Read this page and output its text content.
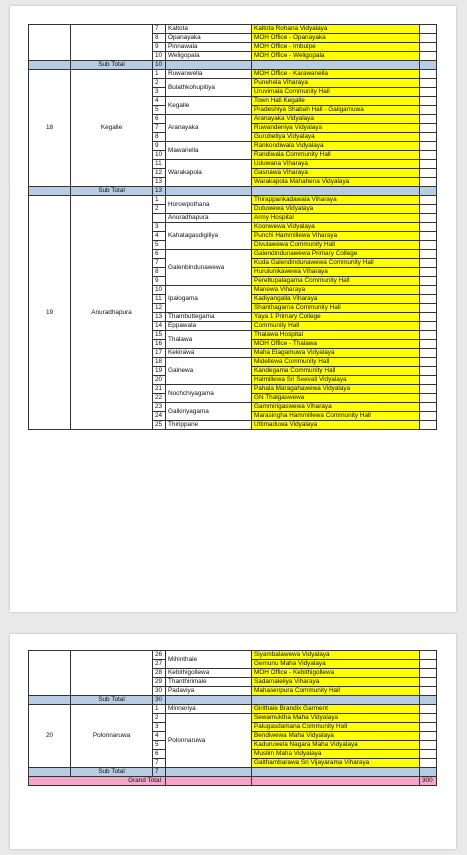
		7	Kaltota	Kaltota Rohana Vidyalaya	
		8	Opanayaka	MOH Office - Opanayaka	
		9	Pinnawala	MOH Office - Imbulpe	
		10	Weligopala	MOH Office - Weligopala	
	Sub Total	10			
18	Kegalle	1	Ruwanwella	MOH Office - Karawanella	
		2	Bulathkohupitiya	Punehela Viharaya	
		3		Uruvimala Community Hall	
		4	Kegalle	Town Hall Kegalle	
		5		Pradeshiya Shabah Hall - Galigamuwa	
		6	Aranayaka	Aranayaka Vidyalaya	
		7		Ruwandeniya Vidyalaya	
		8		Gurubetiya Vidyalaya	
		9	Mawanella	Rankondiwala Vidyalaya	
		10		Randiwala Community Hall	
		11	Warakapola	Uduwana Viharaya	
		12		Gasnawa Viharaya	
		13		Warakapola Mahahena Vidyalaya	
	Sub Total	13			
19	Anuradhapura	1	Horowpothana	Thirappankadawala Viharaya	
		2		Dutuwewa Vidyalaya	
			Anuradhapura	Army Hospital	
		3	Kahatagasdigiliya	Koonwewa Vidyalaya	
		4		Punchi Hammillewa Viharaya	
		5		Divulawewa Community Hall	
		6	Galenbindunawewa	Galendindunawewa Primary College	
		7		Kuda Galendindunawewa Community Hall	
		8		Hurulunikawewa Viharaya	
		9		Perettupalagama Community Hall	
		10	Ipalogama	Manewa Viharaya	
		11		Kadiyangalla Viharaya	
		12		Shanthagama Community Hall	
		13	Thambuttegama	Yaya 1 Primary College	
		14	Eppawala	Community Hall	
		15	Thalawa	Thalawa Hospital	
		16		MOH Office - Thalawa	
		17	Kekirawa	Maha Elagamuwa Vidyalaya	
		18	Galnewa	Midellewa Community Hall	
		19		Kandegama Community Hall	
		20		Halmillewa Sri Seevali Vidyalaya	
		21	Nochchiyagama	Pahala Maragahawewa Vidyalaya	
		22		GN Thalgaswewa	
		23	Galkiriyagama	Gammirigaswewa Viharaya	
		24		Marasingha Hammillewa Community Hall	
		25	Thirippane	Uttimaduwa Vidyalaya	
		26	Mihinthale	Siyambalawewa Vidyalaya	
		27		Gemunu Maha Vidyalaya	
		28	Kebithigollewa	MOH Office - Kebithigollewa	
		29	Thanthirimale	Sadamaleliya Viharaya	
		30	Padaviya	Mahasenpura Community Hall	
	Sub Total	30			
20	Polonnaruwa	1	Minneriya	Girithale Brandix Garment	
		2	Polonnaruwa	Sewamuktha Maha Vidyalaya	
		3		Palugasdamana Community Hall	
		4		Bendiwewa Maha Vidyalaya	
		5		Kaduruwela Nagara Maha Vidyalaya	
		6		Muslim Maha Vidyalaya	
		7		Galthambarawa Sri Vijayarama Viharaya	
	Sub Total	7			
Grand Total					300
